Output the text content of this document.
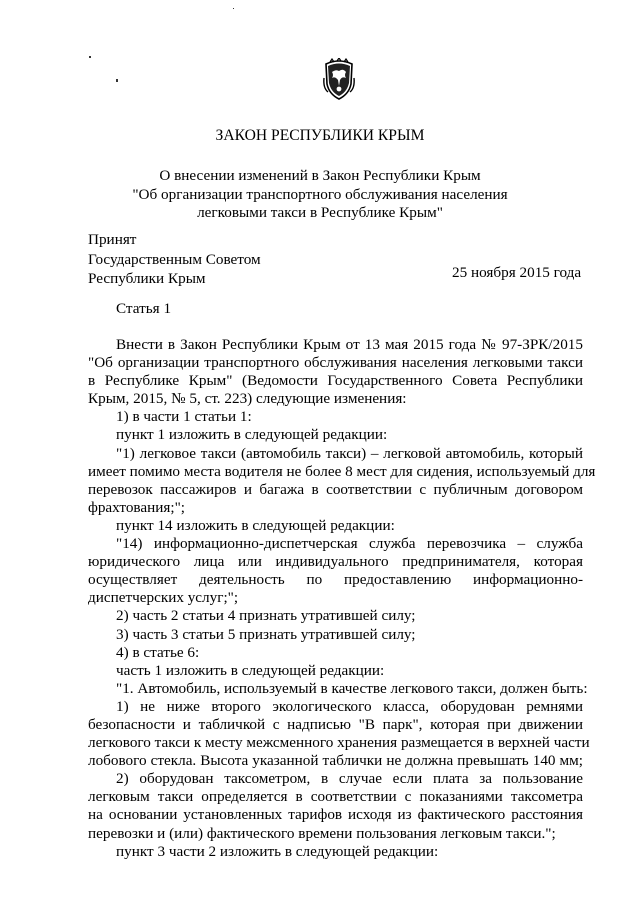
ЗАКОН РЕСПУБЛИКИ КРЫМ
О внесении изменений в Закон Республики Крым
"Об организации транспортного обслуживания населения
легковыми такси в Республике Крым"
Принят
Государственным Советом
Республики Крым	25 ноября 2015 года
Статья 1
Внести в Закон Республики Крым от 13 мая 2015 года № 97-ЗРК/2015
"Об организации транспортного обслуживания населения легковыми такси
в Республике Крым" (Ведомости Государственного Совета Республики
Крым, 2015, № 5, ст. 223) следующие изменения:
1) в части 1 статьи 1:
пункт 1 изложить в следующей редакции:
"1) легковое такси (автомобиль такси) – легковой автомобиль, который
имеет помимо места водителя не более 8 мест для сидения, используемый для
перевозок пассажиров и багажа в соответствии с публичным договором
фрахтования;";
пункт 14 изложить в следующей редакции:
"14) информационно-диспетчерская служба перевозчика – служба
юридического лица или индивидуального предпринимателя, которая
осуществляет деятельность по предоставлению информационно-
диспетчерских услуг;";
2) часть 2 статьи 4 признать утратившей силу;
3) часть 3 статьи 5 признать утратившей силу;
4) в статье 6:
часть 1 изложить в следующей редакции:
"1. Автомобиль, используемый в качестве легкового такси, должен быть:
1) не ниже второго экологического класса, оборудован ремнями
безопасности и табличкой с надписью "В парк", которая при движении
легкового такси к месту межсменного хранения размещается в верхней части
лобового стекла. Высота указанной таблички не должна превышать 140 мм;
2) оборудован таксометром, в случае если плата за пользование
легковым такси определяется в соответствии с показаниями таксометра
на основании установленных тарифов исходя из фактического расстояния
перевозки и (или) фактического времени пользования легковым такси.";
пункт 3 части 2 изложить в следующей редакции:
